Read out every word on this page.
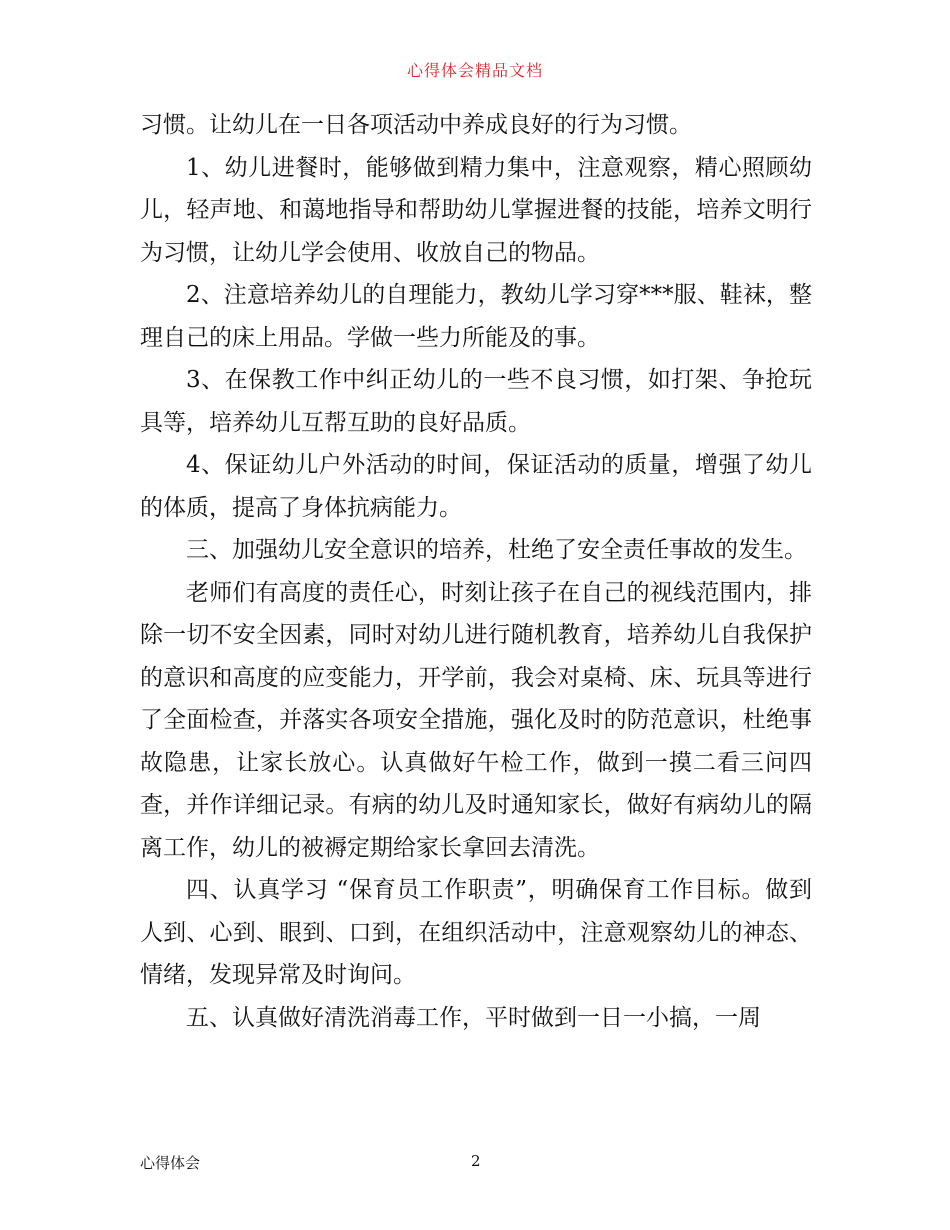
心得体会精品文档

习惯。让幼儿在一日各项活动中养成良好的行为习惯。

1、幼儿进餐时，能够做到精力集中，注意观察，精心照顾幼儿，轻声地、和蔼地指导和帮助幼儿掌握进餐的技能，培养文明行为习惯，让幼儿学会使用、收放自己的物品。

2、注意培养幼儿的自理能力，教幼儿学习穿***服、鞋袜，整理自己的床上用品。学做一些力所能及的事。

3、在保教工作中纠正幼儿的一些不良习惯，如打架、争抢玩具等，培养幼儿互帮互助的良好品质。

4、保证幼儿户外活动的时间，保证活动的质量，增强了幼儿的体质，提高了身体抗病能力。

三、加强幼儿安全意识的培养，杜绝了安全责任事故的发生。

老师们有高度的责任心，时刻让孩子在自己的视线范围内，排除一切不安全因素，同时对幼儿进行随机教育，培养幼儿自我保护的意识和高度的应变能力，开学前，我会对桌椅、床、玩具等进行了全面检查，并落实各项安全措施，强化及时的防范意识，杜绝事故隐患，让家长放心。认真做好午检工作，做到一摸二看三问四查，并作详细记录。有病的幼儿及时通知家长，做好有病幼儿的隔离工作，幼儿的被褥定期给家长拿回去清洗。

四、认真学习 “保育员工作职责”，明确保育工作目标。做到人到、心到、眼到、口到，在组织活动中，注意观察幼儿的神态、情绪，发现异常及时询问。

五、认真做好清洗消毒工作，平时做到一日一小搞，一周

心得体会	2
